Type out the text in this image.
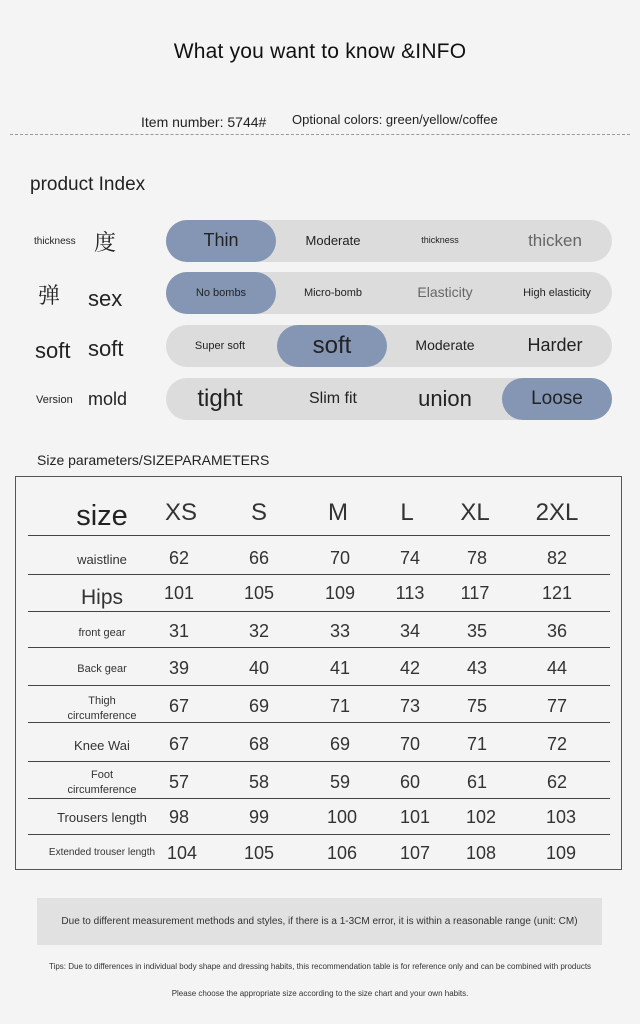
What you want to know &INFO
Item number: 5744# Optional colors: green/yellow/coffee
product Index
thickness 度	Thin	Moderate	thickness	thicken
弹 sex	No bombs	Micro-bomb	Elasticity	High elasticity
soft soft	Super soft	soft	Moderate	Harder
Version mold	tight	Slim fit	union	Loose
Size parameters/SIZEPARAMETERS
size	XS	S	M	L	XL	2XL
waistline	62	66	70	74	78	82
Hips	101	105	109	113	117	121
front gear	31	32	33	34	35	36
Back gear	39	40	41	42	43	44
Thigh circumference	67	69	71	73	75	77
Knee Wai	67	68	69	70	71	72
Foot circumference	57	58	59	60	61	62
Trousers length	98	99	100	101	102	103
Extended trouser length 104	105	106	107	108	109
Due to different measurement methods and styles, if there is a 1-3CM error, it is within a reasonable range (unit: CM)
Tips: Due to differences in individual body shape and dressing habits, this recommendation table is for reference only and can be combined with products
Please choose the appropriate size according to the size chart and your own habits.
